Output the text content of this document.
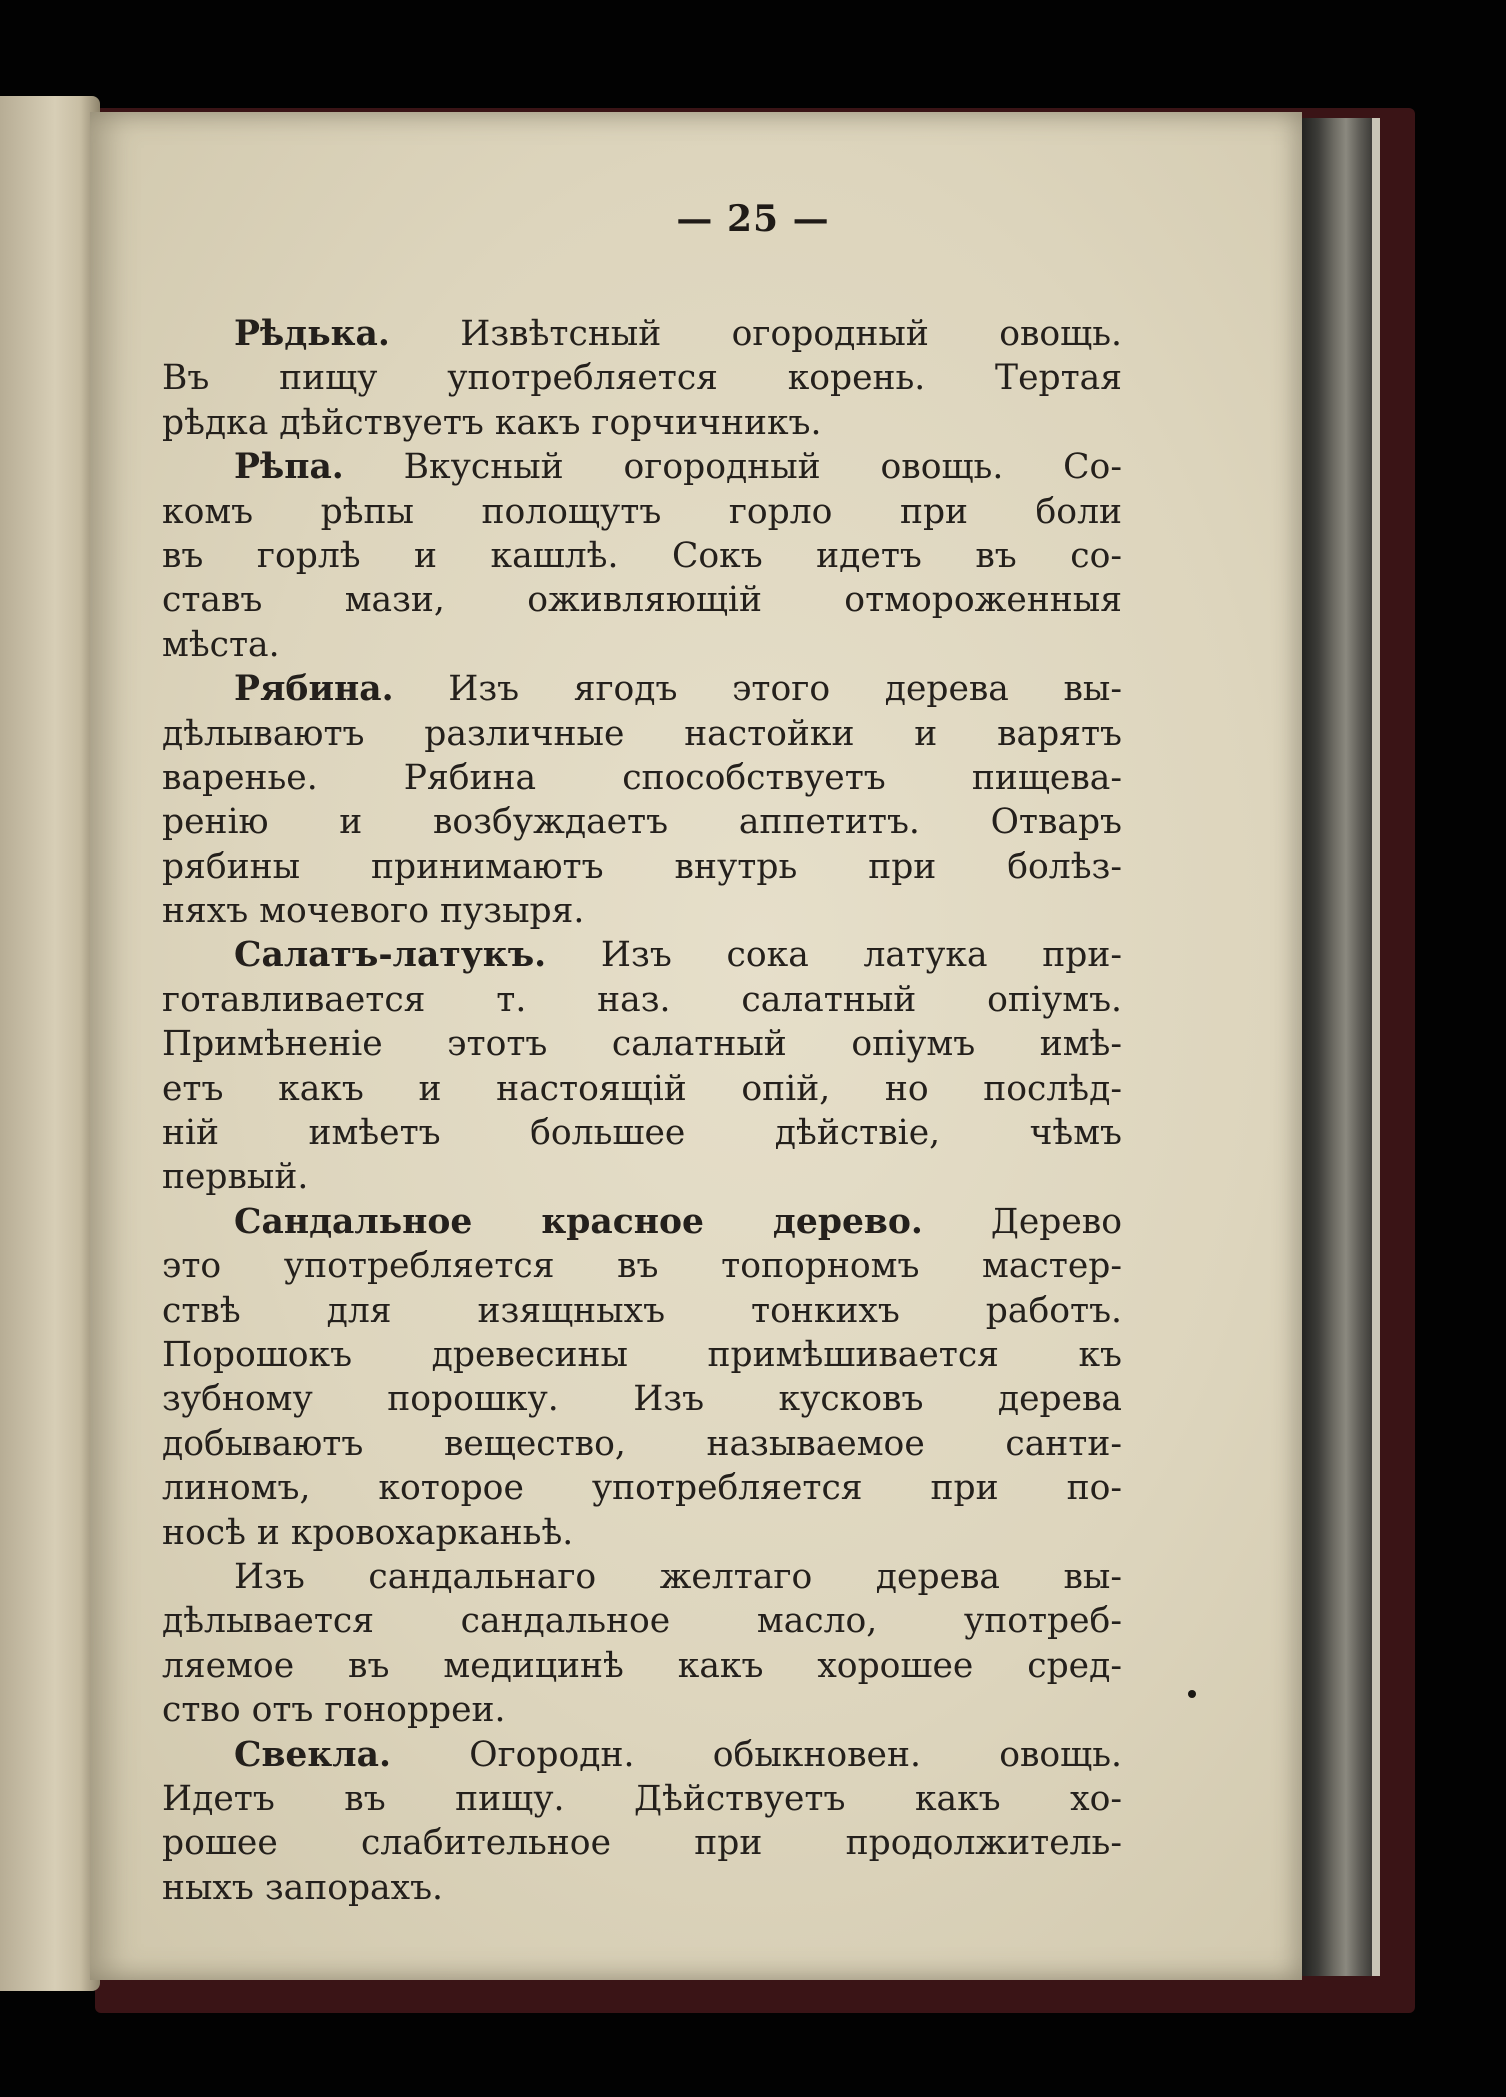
— 25 —
Рѣдька. Извѣтсный огородный овощь.
Въ пищу употребляется корень. Тертая
рѣдка дѣйствуетъ какъ горчичникъ.
Рѣпа. Вкусный огородный овощь. Со-
комъ рѣпы полощутъ горло при боли
въ горлѣ и кашлѣ. Сокъ идетъ въ со-
ставъ мази, оживляющій отмороженныя
мѣста.
Рябина. Изъ ягодъ этого дерева вы-
дѣлываютъ различные настойки и варятъ
варенье. Рябина способствуетъ пищева-
ренію и возбуждаетъ аппетитъ. Отваръ
рябины принимаютъ внутрь при болѣз-
няхъ мочевого пузыря.
Салатъ-латукъ. Изъ сока латука при-
готавливается т. наз. салатный опіумъ.
Примѣненіе этотъ салатный опіумъ имѣ-
етъ какъ и настоящій опій, но послѣд-
ній имѣетъ большее дѣйствіе, чѣмъ
первый.
Сандальное красное дерево. Дерево
это употребляется въ топорномъ мастер-
ствѣ для изящныхъ тонкихъ работъ.
Порошокъ древесины примѣшивается къ
зубному порошку. Изъ кусковъ дерева
добываютъ вещество, называемое санти-
линомъ, которое употребляется при по-
носѣ и кровохарканьѣ.
Изъ сандальнаго желтаго дерева вы-
дѣлывается сандальное масло, употреб-
ляемое въ медицинѣ какъ хорошее сред-
ство отъ гонорреи.
Свекла. Огородн. обыкновен. овощь.
Идетъ въ пищу. Дѣйствуетъ какъ хо-
рошее слабительное при продолжитель-
ныхъ запорахъ.
